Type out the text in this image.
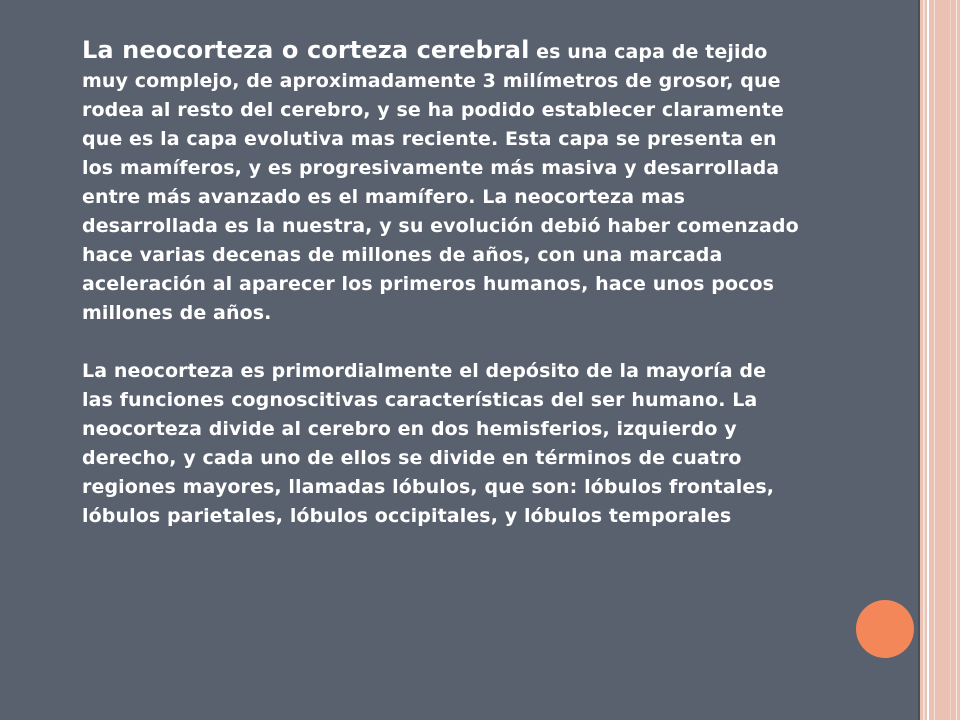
La neocorteza o corteza cerebral es una capa de tejido muy complejo, de aproximadamente 3 milímetros de grosor, que rodea al resto del cerebro, y se ha podido establecer claramente que es la capa evolutiva mas reciente. Esta capa se presenta en los mamíferos, y es progresivamente más masiva y desarrollada entre más avanzado es el mamífero. La neocorteza mas desarrollada es la nuestra, y su evolución debió haber comenzado hace varias decenas de millones de años, con una marcada aceleración al aparecer los primeros humanos, hace unos pocos millones de años.

La neocorteza es primordialmente el depósito de la mayoría de las funciones cognoscitivas características del ser humano. La neocorteza divide al cerebro en dos hemisferios, izquierdo y derecho, y cada uno de ellos se divide en términos de cuatro regiones mayores, llamadas lóbulos, que son: lóbulos frontales, lóbulos parietales, lóbulos occipitales, y lóbulos temporales
